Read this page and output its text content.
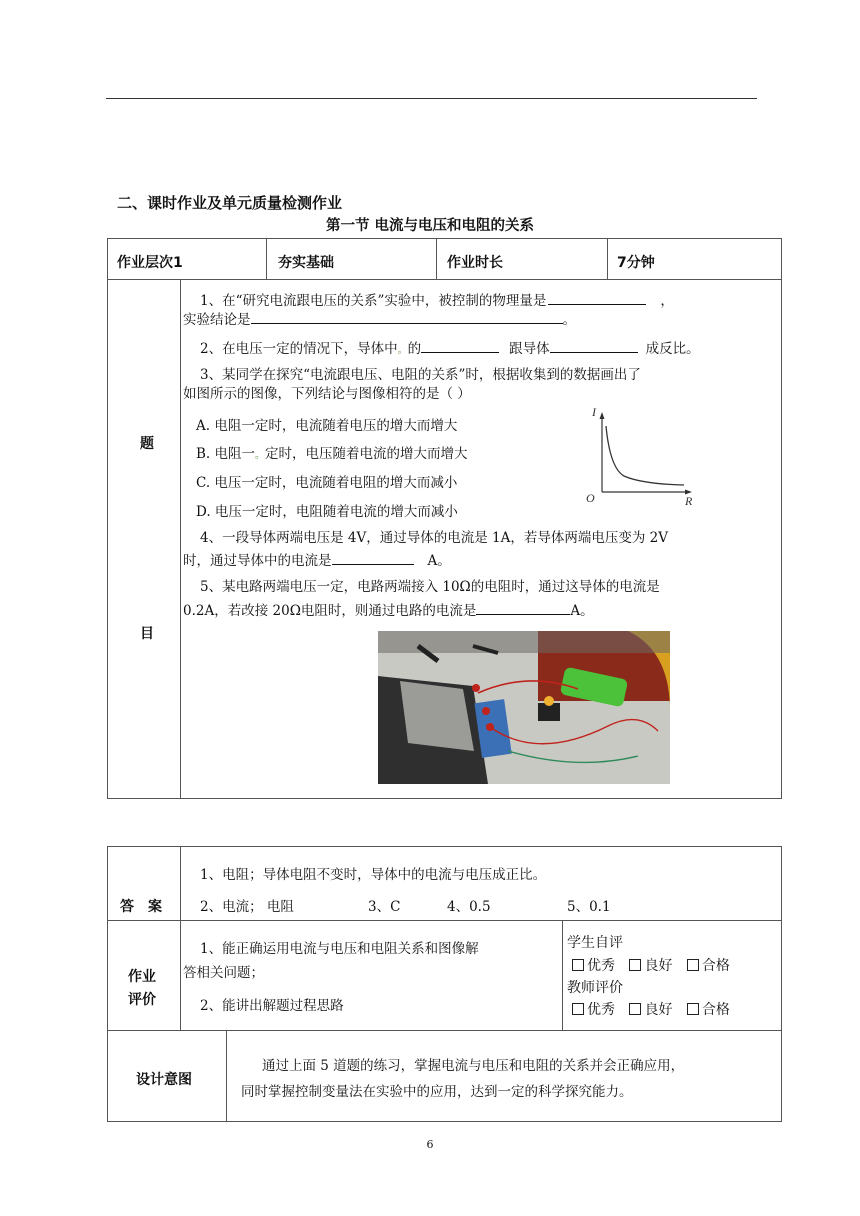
二、课时作业及单元质量检测作业
第一节 电流与电压和电阻的关系
作业层次1	夯实基础	作业时长	7分钟
题
目
1、在“研究电流跟电压的关系”实验中，被控制的物理量是	，
实验结论是	。
2、在电压一定的情况下，导体中。的	跟导体	成反比。
3、某同学在探究“电流跟电压、电阻的关系”时，根据收集到的数据画出了
如图所示的图像，下列结论与图像相符的是（ ）
A. 电阻一定时，电流随着电压的增大而增大
B. 电阻一。定时，电压随着电流的增大而增大
C. 电压一定时，电流随着电阻的增大而减小
D. 电压一定时，电阻随着电流的增大而减小
I
R
O
4、一段导体两端电压是 4V，通过导体的电流是 1A，若导体两端电压变为 2V
时，通过导体中的电流是	A。
5、某电路两端电压一定，电路两端接入 10Ω的电阻时，通过这导体的电流是
0.2A，若改接 20Ω电阻时，则通过电路的电流是	A。
答　案
1、电阻；导体电阻不变时，导体中的电流与电压成正比。
2、电流； 电阻	3、C	4、0.5	5、0.1
作业
评价
1、能正确运用电流与电压和电阻关系和图像解
答相关问题；
2、能讲出解题过程思路
学生自评
优秀 良好 合格
教师评价
优秀 良好 合格
设计意图
通过上面 5 道题的练习，掌握电流与电压和电阻的关系并会正确应用，
同时掌握控制变量法在实验中的应用，达到一定的科学探究能力。
6
